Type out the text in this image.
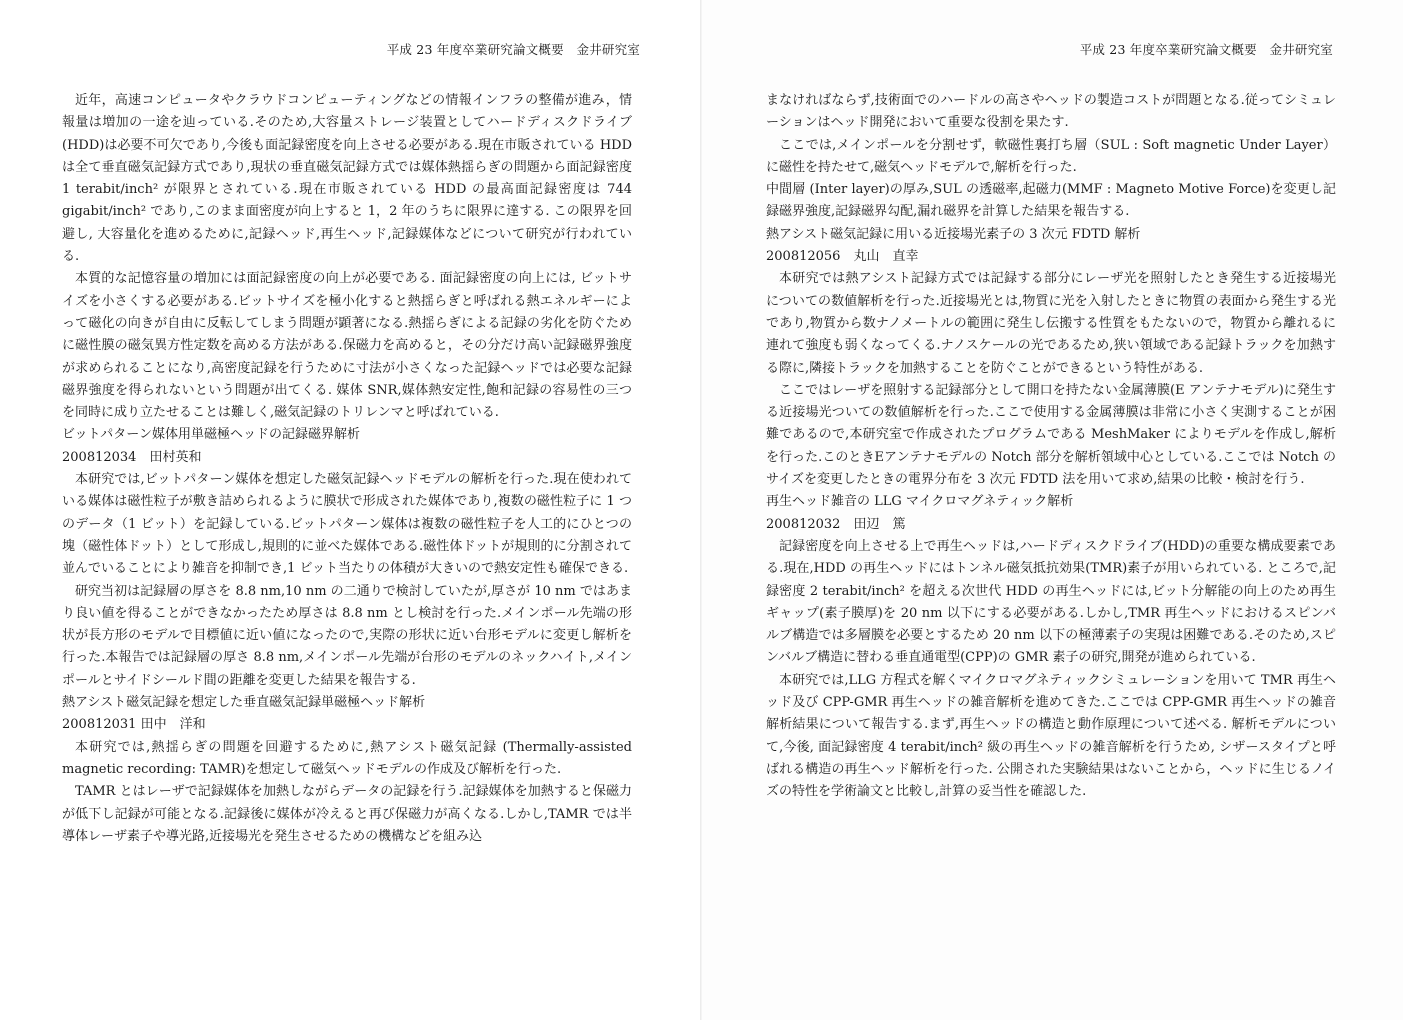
平成 23 年度卒業研究論文概要　金井研究室

近年，高速コンピュータやクラウドコンピューティングなどの情報インフラの整備が進み，情報量は増加の一途を辿っている.そのため,大容量ストレージ装置としてハードディスクドライブ(HDD)は必要不可欠であり,今後も面記録密度を向上させる必要がある.現在市販されている HDD は全て垂直磁気記録方式であり,現状の垂直磁気記録方式では媒体熱揺らぎの問題から面記録密度 1 terabit/inch² が限界とされている.現在市販されている HDD の最高面記録密度は 744 gigabit/inch² であり,このまま面密度が向上すると 1，2 年のうちに限界に達する. この限界を回避し, 大容量化を進めるために,記録ヘッド,再生ヘッド,記録媒体などについて研究が行われている.

本質的な記憶容量の増加には面記録密度の向上が必要である. 面記録密度の向上には, ビットサイズを小さくする必要がある.ビットサイズを極小化すると熱揺らぎと呼ばれる熱エネルギーによって磁化の向きが自由に反転してしまう問題が顕著になる.熱揺らぎによる記録の劣化を防ぐために磁性膜の磁気異方性定数を高める方法がある.保磁力を高めると，その分だけ高い記録磁界強度が求められることになり,高密度記録を行うために寸法が小さくなった記録ヘッドでは必要な記録磁界強度を得られないという問題が出てくる. 媒体 SNR,媒体熱安定性,飽和記録の容易性の三つを同時に成り立たせることは難しく,磁気記録のトリレンマと呼ばれている.

ビットパターン媒体用単磁極ヘッドの記録磁界解析

200812034　田村英和

本研究では,ビットパターン媒体を想定した磁気記録ヘッドモデルの解析を行った.現在使われている媒体は磁性粒子が敷き詰められるように膜状で形成された媒体であり,複数の磁性粒子に 1 つのデータ（1 ビット）を記録している.ビットパターン媒体は複数の磁性粒子を人工的にひとつの塊（磁性体ドット）として形成し,規則的に並べた媒体である.磁性体ドットが規則的に分割されて並んでいることにより雑音を抑制でき,1 ビット当たりの体積が大きいので熱安定性も確保できる.

研究当初は記録層の厚さを 8.8 nm,10 nm の二通りで検討していたが,厚さが 10 nm ではあまり良い値を得ることができなかったため厚さは 8.8 nm とし検討を行った.メインポール先端の形状が長方形のモデルで目標値に近い値になったので,実際の形状に近い台形モデルに変更し解析を行った.本報告では記録層の厚さ 8.8 nm,メインポール先端が台形のモデルのネックハイト,メインポールとサイドシールド間の距離を変更した結果を報告する.

熱アシスト磁気記録を想定した垂直磁気記録単磁極ヘッド解析

200812031 田中　洋和

本研究では,熱揺らぎの問題を回避するために,熱アシスト磁気記録 (Thermally-assisted magnetic recording: TAMR)を想定して磁気ヘッドモデルの作成及び解析を行った.

TAMR とはレーザで記録媒体を加熱しながらデータの記録を行う.記録媒体を加熱すると保磁力が低下し記録が可能となる.記録後に媒体が冷えると再び保磁力が高くなる.しかし,TAMR では半導体レーザ素子や導光路,近接場光を発生させるための機構などを組み込

平成 23 年度卒業研究論文概要　金井研究室

まなければならず,技術面でのハードルの高さやヘッドの製造コストが問題となる.従ってシミュレーションはヘッド開発において重要な役割を果たす.

ここでは,メインポールを分割せず，軟磁性裏打ち層（SUL : Soft magnetic Under Layer）に磁性を持たせて,磁気ヘッドモデルで,解析を行った.

中間層 (Inter layer)の厚み,SUL の透磁率,起磁力(MMF : Magneto Motive Force)を変更し記録磁界強度,記録磁界勾配,漏れ磁界を計算した結果を報告する.

熱アシスト磁気記録に用いる近接場光素子の 3 次元 FDTD 解析

200812056　丸山　直幸

本研究では熱アシスト記録方式では記録する部分にレーザ光を照射したとき発生する近接場光についての数値解析を行った.近接場光とは,物質に光を入射したときに物質の表面から発生する光であり,物質から数ナノメートルの範囲に発生し伝搬する性質をもたないので，物質から離れるに連れて強度も弱くなってくる.ナノスケールの光であるため,狭い領域である記録トラックを加熱する際に,隣接トラックを加熱することを防ぐことができるという特性がある.

ここではレーザを照射する記録部分として開口を持たない金属薄膜(E アンテナモデル)に発生する近接場光ついての数値解析を行った.ここで使用する金属薄膜は非常に小さく実測することが困難であるので,本研究室で作成されたプログラムである MeshMaker によりモデルを作成し,解析を行った.このときEアンテナモデルの Notch 部分を解析領域中心としている.ここでは Notch のサイズを変更したときの電界分布を 3 次元 FDTD 法を用いて求め,結果の比較・検討を行う.

再生ヘッド雑音の LLG マイクロマグネティック解析

200812032　田辺　篤

記録密度を向上させる上で再生ヘッドは,ハードディスクドライブ(HDD)の重要な構成要素である.現在,HDD の再生ヘッドにはトンネル磁気抵抗効果(TMR)素子が用いられている. ところで,記録密度 2 terabit/inch² を超える次世代 HDD の再生ヘッドには,ビット分解能の向上のため再生ギャップ(素子膜厚)を 20 nm 以下にする必要がある.しかし,TMR 再生ヘッドにおけるスピンバルブ構造では多層膜を必要とするため 20 nm 以下の極薄素子の実現は困難である.そのため,スピンバルブ構造に替わる垂直通電型(CPP)の GMR 素子の研究,開発が進められている.

本研究では,LLG 方程式を解くマイクロマグネティックシミュレーションを用いて TMR 再生ヘッド及び CPP-GMR 再生ヘッドの雑音解析を進めてきた.ここでは CPP-GMR 再生ヘッドの雑音解析結果について報告する.まず,再生ヘッドの構造と動作原理について述べる. 解析モデルについて,今後, 面記録密度 4 terabit/inch² 級の再生ヘッドの雑音解析を行うため, シザースタイプと呼ばれる構造の再生ヘッド解析を行った. 公開された実験結果はないことから，ヘッドに生じるノイズの特性を学術論文と比較し,計算の妥当性を確認した.
